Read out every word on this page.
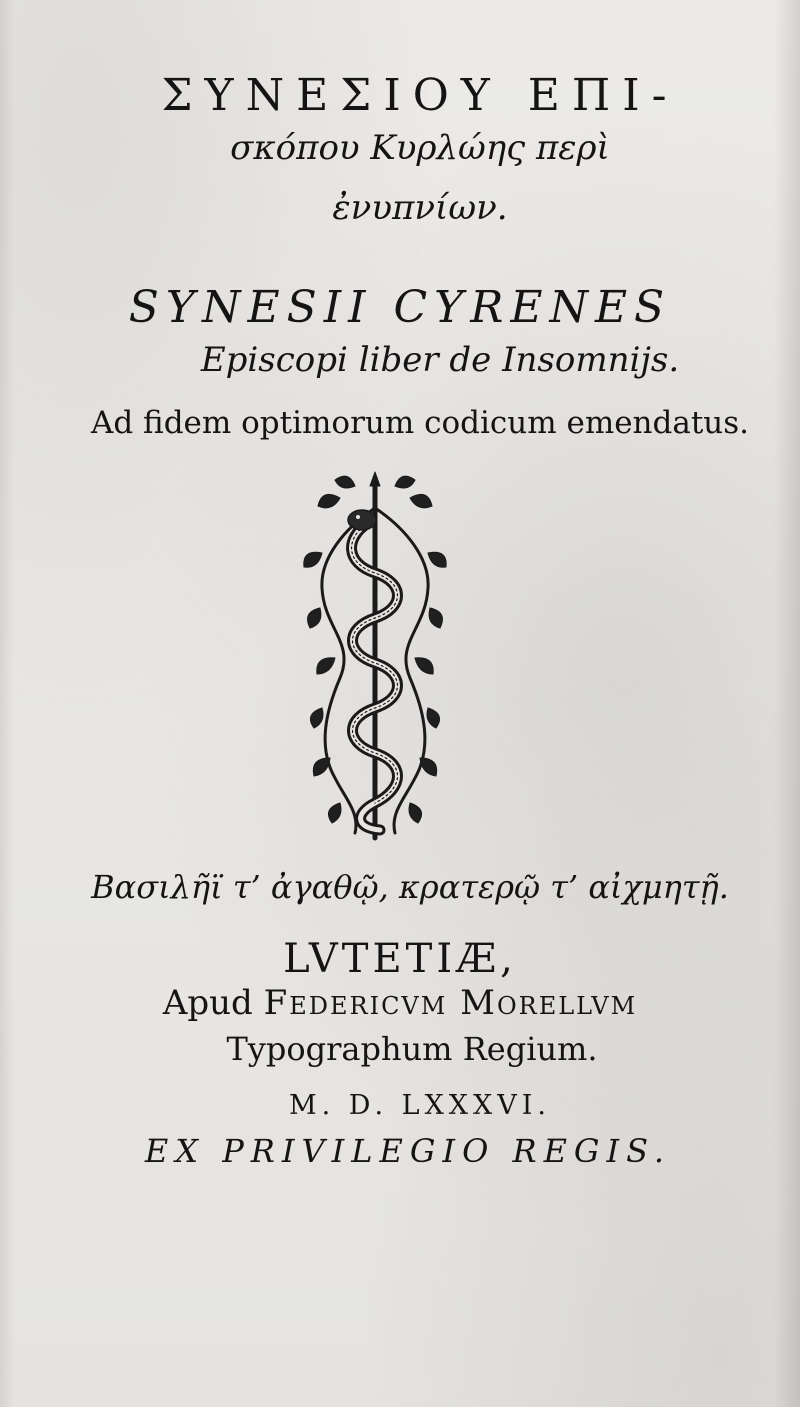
ΣΥΝΕΣΙΟΥ ΕΠΙ-
σκόπου Κυρλώης περὶ
ἐνυπνίων.
SYNESII CYRENES
Episcopi liber de Insomnijs.
Ad fidem optimorum codicum emendatus.
Βασιλῆϊ τ’ ἀγαθῷ, κρατερῷ τ’ αἰχμητῇ.
LVTETIÆ,
Apud Federicvm Morellvm
Typographum Regium.
M. D. LXXXVI.
EX PRIVILEGIO REGIS.
